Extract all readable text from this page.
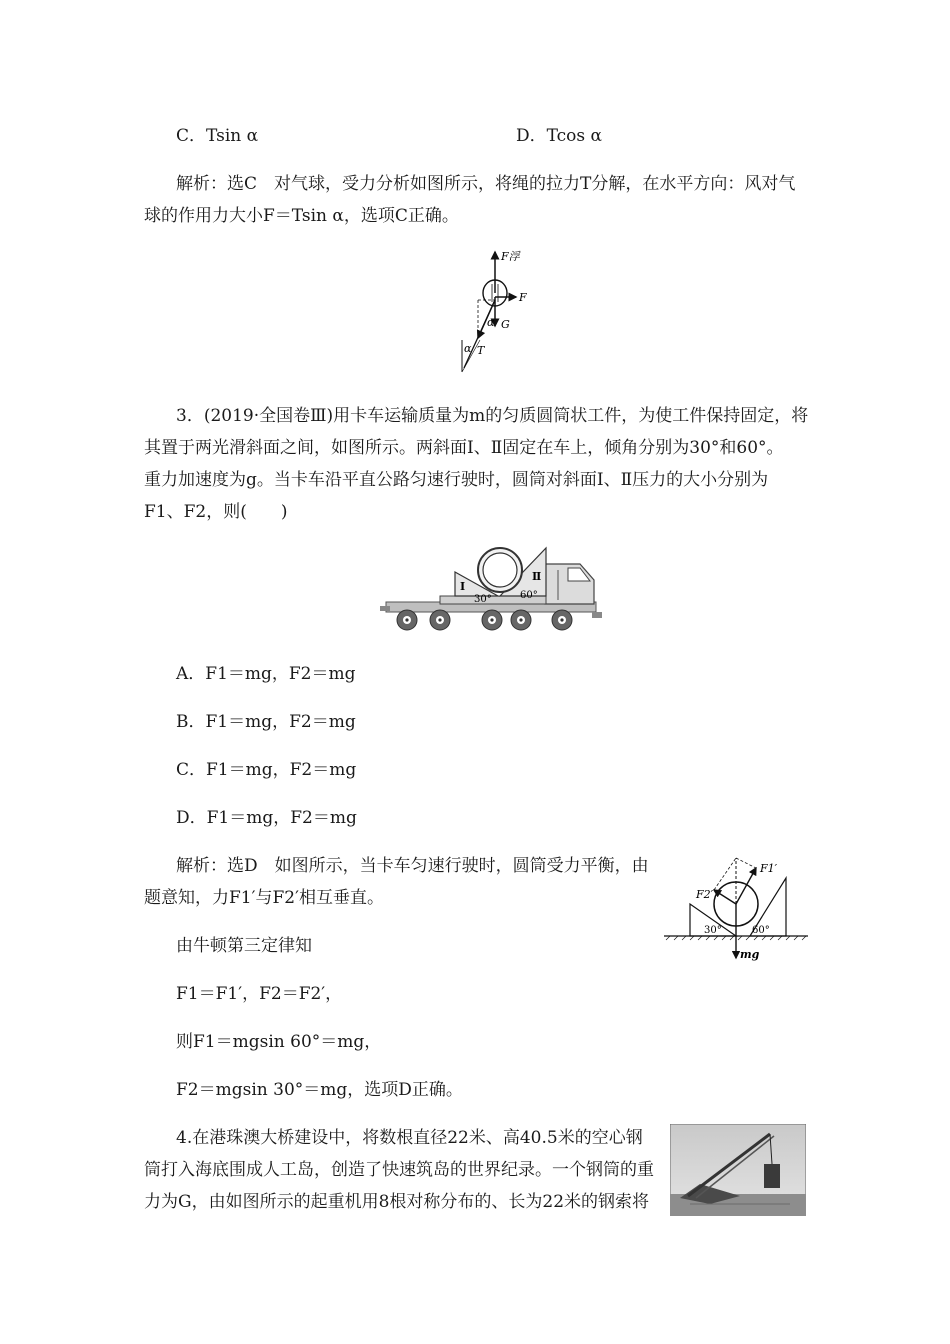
C．Tsin α	D．Tcos α
解析：选C　对气球，受力分析如图所示，将绳的拉力T分解，在水平方向：风对气
球的作用力大小F＝Tsin α，选项C正确。
F浮
F
G
T
α
α
3．(2019·全国卷Ⅲ)用卡车运输质量为m的匀质圆筒状工件，为使工件保持固定，将
其置于两光滑斜面之间，如图所示。两斜面Ⅰ、Ⅱ固定在车上，倾角分别为30°和60°。
重力加速度为g。当卡车沿平直公路匀速行驶时，圆筒对斜面Ⅰ、Ⅱ压力的大小分别为
F1、F2，则(　　)
Ⅰ
Ⅱ
30°	60°
A．F1＝mg，F2＝mg
B．F1＝mg，F2＝mg
C．F1＝mg，F2＝mg
D．F1＝mg，F2＝mg
解析：选D　如图所示，当卡车匀速行驶时，圆筒受力平衡，由
题意知，力F1′与F2′相互垂直。
由牛顿第三定律知
F1＝F1′，F2＝F2′，
则F1＝mgsin 60°＝mg，
F2＝mgsin 30°＝mg，选项D正确。
F1′
F2′
30°	60°
mg
4.在港珠澳大桥建设中，将数根直径22米、高40.5米的空心钢
筒打入海底围成人工岛，创造了快速筑岛的世界纪录。一个钢筒的重
力为G，由如图所示的起重机用8根对称分布的、长为22米的钢索将
